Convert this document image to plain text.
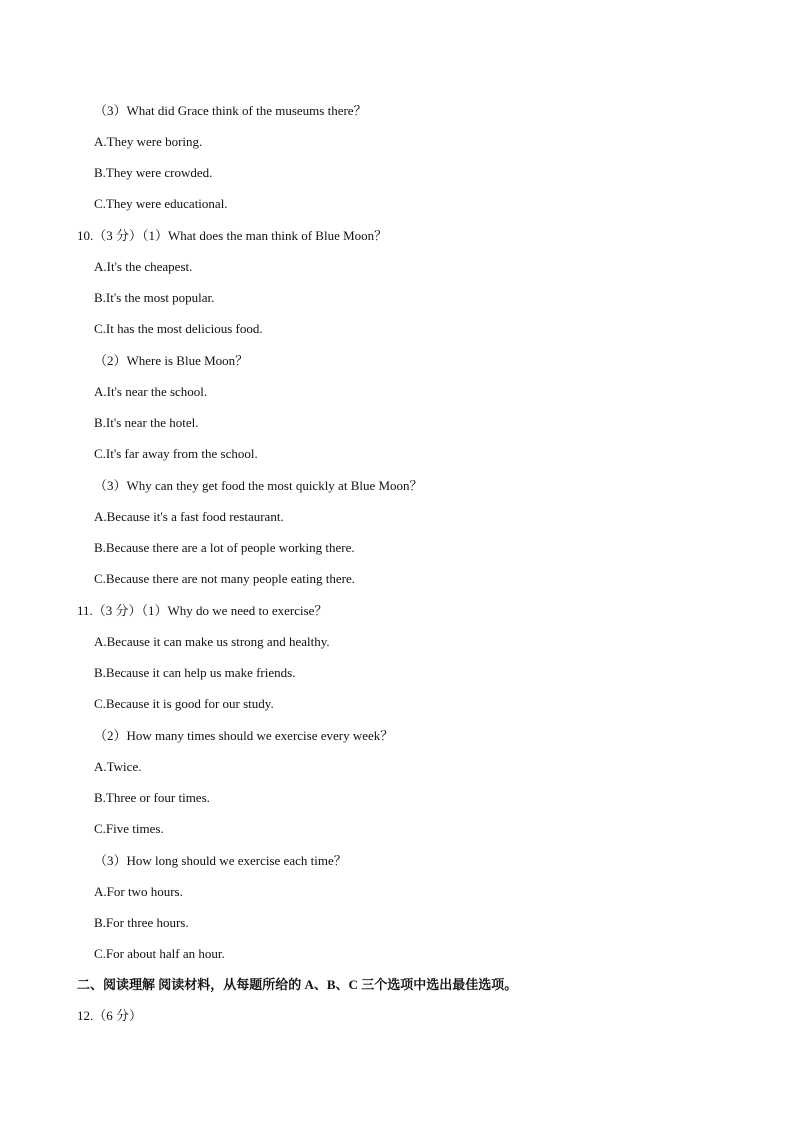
（3）What did Grace think of the museums there？
A.They were boring.
B.They were crowded.
C.They were educational.
10.（3 分）（1）What does the man think of Blue Moon？
A.It's the cheapest.
B.It's the most popular.
C.It has the most delicious food.
（2）Where is Blue Moon？
A.It's near the school.
B.It's near the hotel.
C.It's far away from the school.
（3）Why can they get food the most quickly at Blue Moon？
A.Because it's a fast food restaurant.
B.Because there are a lot of people working there.
C.Because there are not many people eating there.
11.（3 分）（1）Why do we need to exercise？
A.Because it can make us strong and healthy.
B.Because it can help us make friends.
C.Because it is good for our study.
（2）How many times should we exercise every week？
A.Twice.
B.Three or four times.
C.Five times.
（3）How long should we exercise each time？
A.For two hours.
B.For three hours.
C.For about half an hour.
二、阅读理解 阅读材料，从每题所给的 A、B、C 三个选项中选出最佳选项。
12.（6 分）
